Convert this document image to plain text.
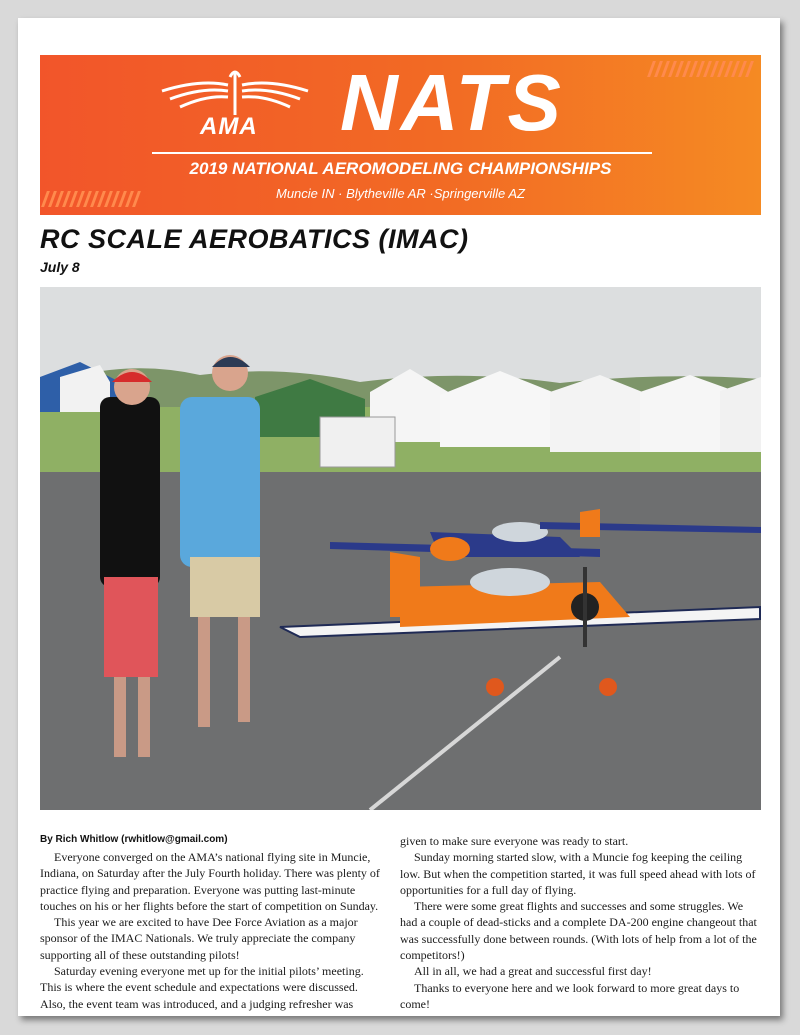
AMA NATS
2019 NATIONAL AEROMODELING CHAMPIONSHIPS
Muncie IN · Blytheville AR ·Springerville AZ
RC SCALE AEROBATICS (IMAC)
July 8
By Rich Whitlow (rwhitlow@gmail.com)

Everyone converged on the AMA’s national flying site in Muncie, Indiana, on Saturday after the July Fourth holiday. There was plenty of practice flying and preparation. Everyone was putting last-minute touches on his or her flights before the start of competition on Sunday.

This year we are excited to have Dee Force Aviation as a major sponsor of the IMAC Nationals. We truly appreciate the company supporting all of these outstanding pilots!

Saturday evening everyone met up for the initial pilots’ meeting. This is where the event schedule and expectations were discussed. Also, the event team was introduced, and a judging refresher was

given to make sure everyone was ready to start.

Sunday morning started slow, with a Muncie fog keeping the ceiling low. But when the competition started, it was full speed ahead with lots of opportunities for a full day of flying.

There were some great flights and successes and some struggles. We had a couple of dead-sticks and a complete DA-200 engine changeout that was successfully done between rounds. (With lots of help from a lot of the competitors!)

All in all, we had a great and successful first day!

Thanks to everyone here and we look forward to more great days to come!
